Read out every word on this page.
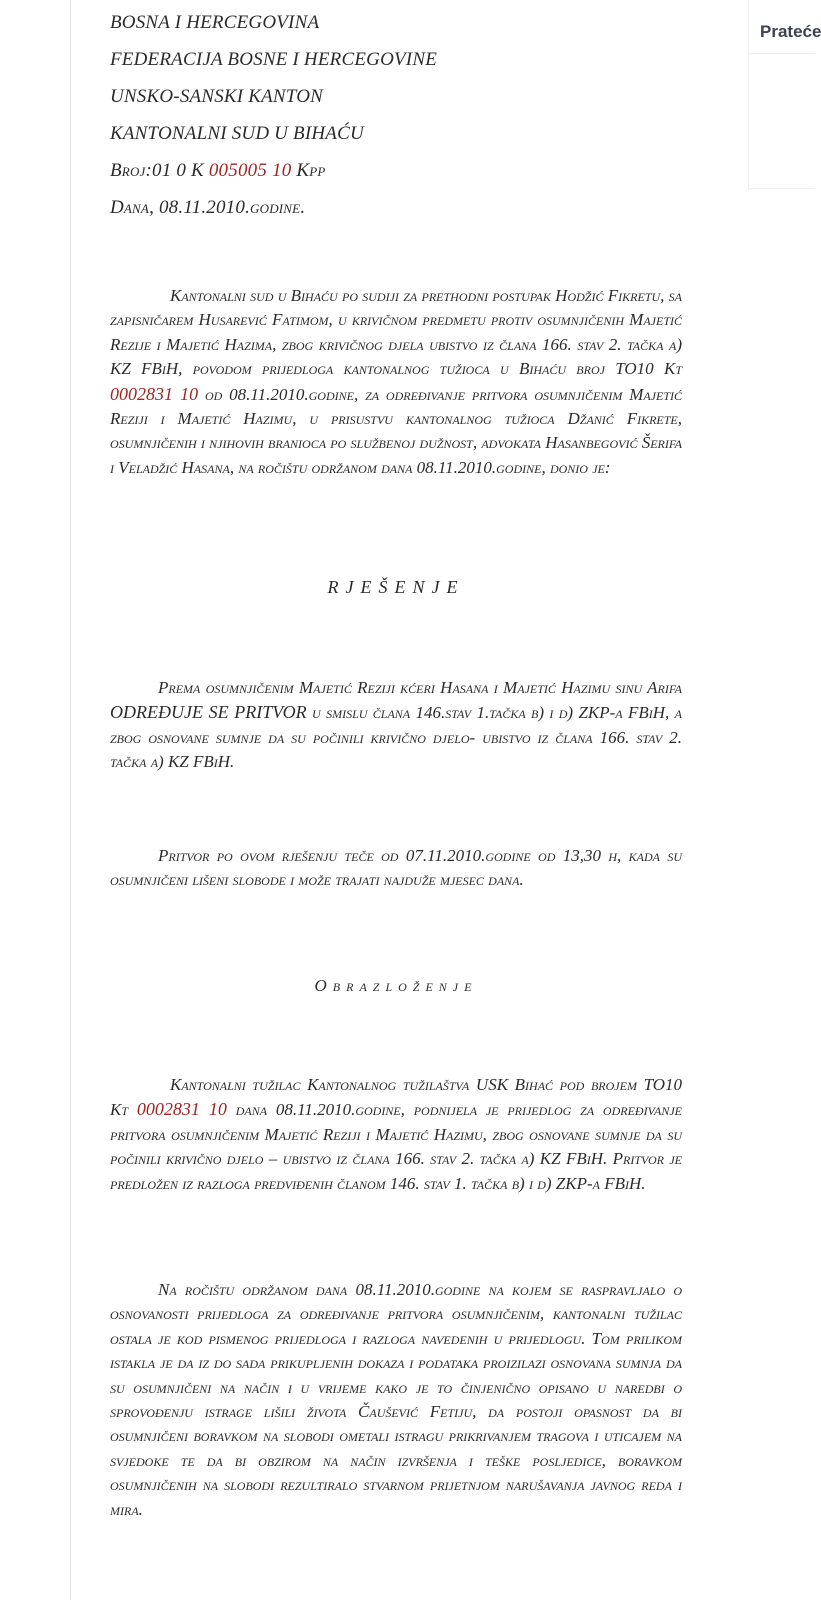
Prateće
BOSNA I HERCEGOVINA
FEDERACIJA BOSNE I HERCEGOVINE
UNSKO-SANSKI KANTON
KANTONALNI SUD U BIHAĆU
Broj:01 0 K 005005 10 Kpp
Dana, 08.11.2010.godine.
Kantonalni sud u Bihaću po sudiji za prethodni postupak Hodžić Fikretu, sa zapisničarem Husarević Fatimom, u krivičnom predmetu protiv osumnjičenih Majetić Rezije i Majetić Hazima, zbog krivičnog djela ubistvo iz člana 166. stav 2. tačka a) KZ FBiH, povodom prijedloga kantonalnog tužioca u Bihaću broj TO10 Kt 0002831 10 od 08.11.2010.godine, za određivanje pritvora osumnjičenim Majetić Reziji i Majetić Hazimu, u prisustvu kantonalnog tužioca Džanić Fikrete, osumnjičenih i njihovih branioca po službenoj dužnost, advokata Hasanbegović Šerifa i Veladžić Hasana, na ročištu održanom dana 08.11.2010.godine, donio je:
RJEŠENJE
Prema osumnjičenim Majetić Reziji kćeri Hasana i Majetić Hazimu sinu Arifa ODREĐUJE SE PRITVOR u smislu člana 146.stav 1.tačka b) i d) ZKP-a FBiH, a zbog osnovane sumnje da su počinili krivično djelo- ubistvo iz člana 166. stav 2. tačka a) KZ FBiH.
Pritvor po ovom rješenju teče od 07.11.2010.godine od 13,30 h, kada su osumnjičeni lišeni slobode i može trajati najduže mjesec dana.
Obrazloženje
Kantonalni tužilac Kantonalnog tužilaštva USK Bihać pod brojem TO10 Kt 0002831 10 dana 08.11.2010.godine, podnijela je prijedlog za određivanje pritvora osumnjičenim Majetić Reziji i Majetić Hazimu, zbog osnovane sumnje da su počinili krivično djelo – ubistvo iz člana 166. stav 2. tačka a) KZ FBiH. Pritvor je predložen iz razloga predviđenih članom 146. stav 1. tačka b) i d) ZKP-a FBiH.
Na ročištu održanom dana 08.11.2010.godine na kojem se raspravljalo o osnovanosti prijedloga za određivanje pritvora osumnjičenim, kantonalni tužilac ostala je kod pismenog prijedloga i razloga navedenih u prijedlogu. Tom prilikom istakla je da iz do sada prikupljenih dokaza i podataka proizilazi osnovana sumnja da su osumnjičeni na način i u vrijeme kako je to činjenično opisano u naredbi o sprovođenju istrage lišili života Čaušević Fetiju, da postoji opasnost da bi osumnjičeni boravkom na slobodi ometali istragu prikrivanjem tragova i uticajem na svjedoke te da bi obzirom na način izvršenja i teške posljedice, boravkom osumnjičenih na slobodi rezultiralo stvarnom prijetnjom narušavanja javnog reda i mira.
